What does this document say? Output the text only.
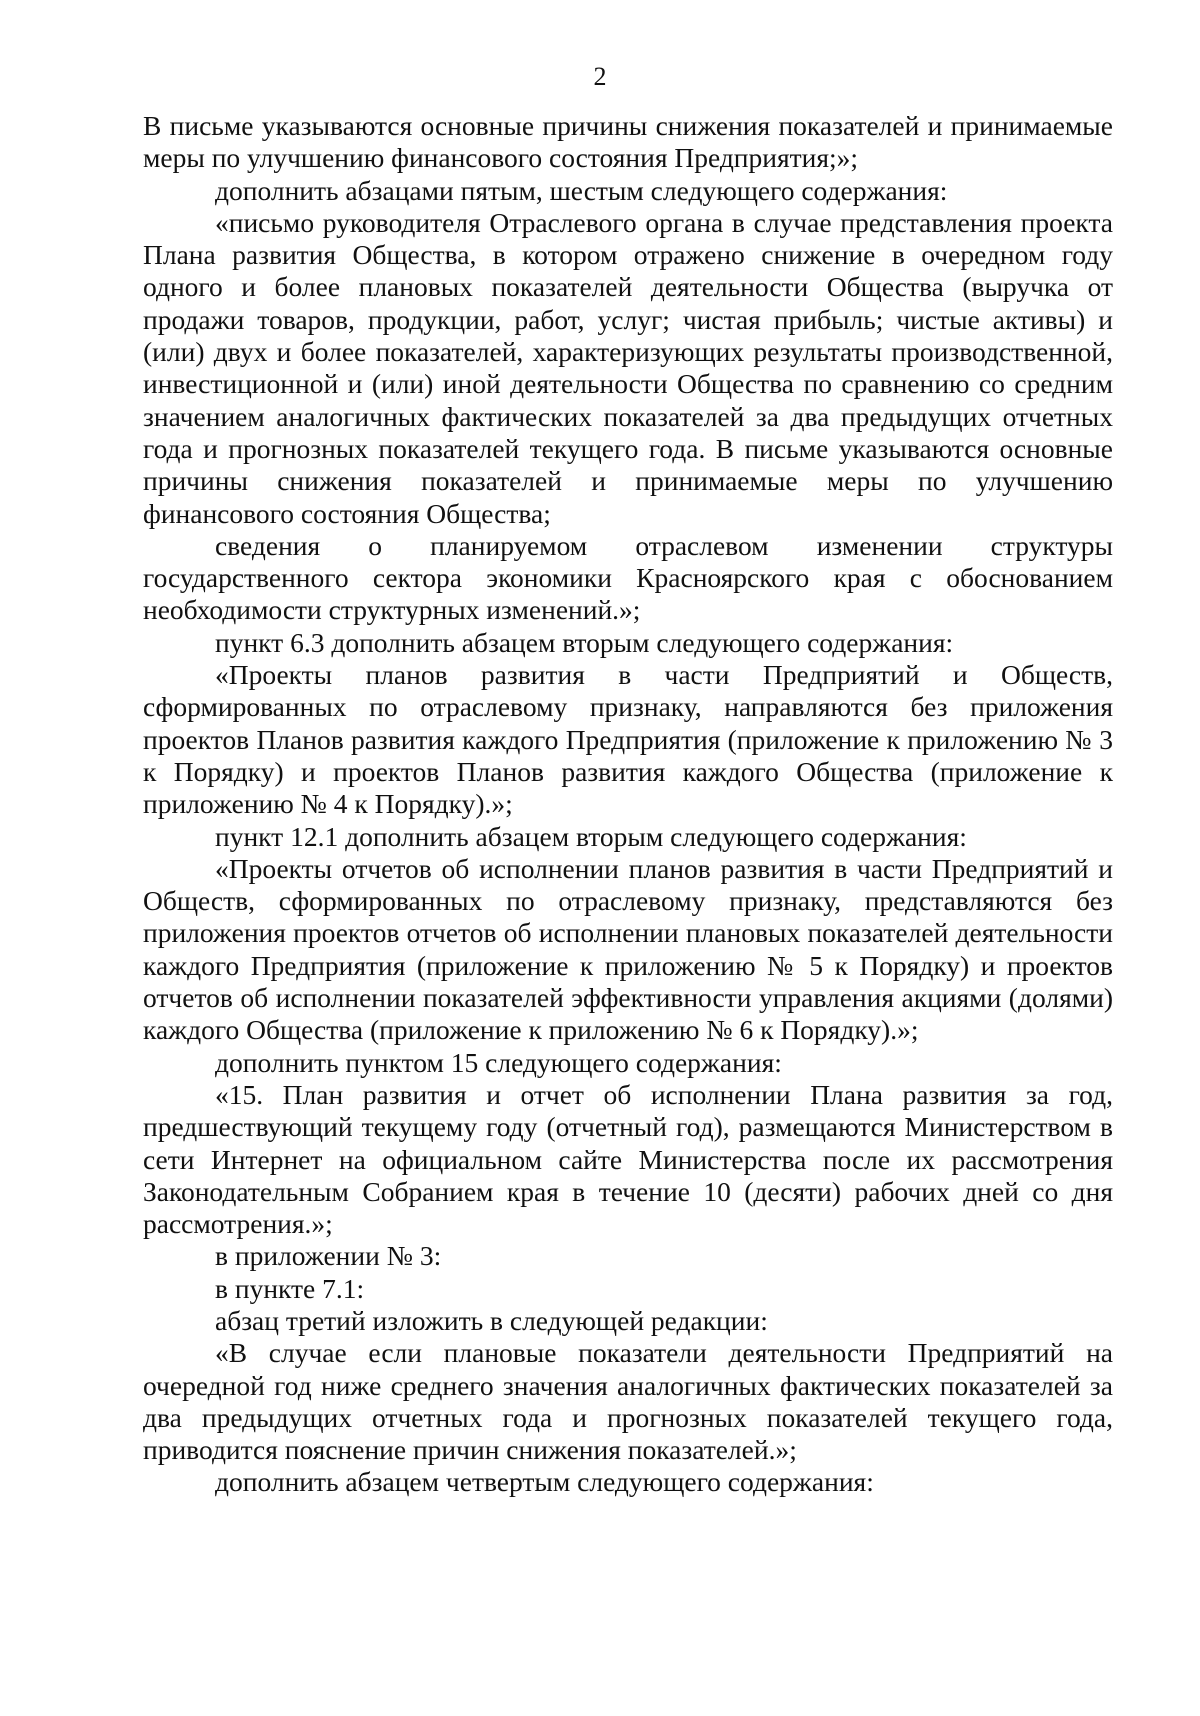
2

В письме указываются основные причины снижения показателей и принимаемые меры по улучшению финансового состояния Предприятия;»;

дополнить абзацами пятым, шестым следующего содержания:

«письмо руководителя Отраслевого органа в случае представления проекта Плана развития Общества, в котором отражено снижение в очередном году одного и более плановых показателей деятельности Общества (выручка от продажи товаров, продукции, работ, услуг; чистая прибыль; чистые активы) и (или) двух и более показателей, характеризующих результаты производственной, инвестиционной и (или) иной деятельности Общества по сравнению со средним значением аналогичных фактических показателей за два предыдущих отчетных года и прогнозных показателей текущего года. В письме указываются основные причины снижения показателей и принимаемые меры по улучшению финансового состояния Общества;

сведения о планируемом отраслевом изменении структуры государственного сектора экономики Красноярского края с обоснованием необходимости структурных изменений.»;

пункт 6.3 дополнить абзацем вторым следующего содержания:

«Проекты планов развития в части Предприятий и Обществ, сформированных по отраслевому признаку, направляются без приложения проектов Планов развития каждого Предприятия (приложение к приложению № 3 к Порядку) и проектов Планов развития каждого Общества (приложение к приложению № 4 к Порядку).»;

пункт 12.1 дополнить абзацем вторым следующего содержания:

«Проекты отчетов об исполнении планов развития в части Предприятий и Обществ, сформированных по отраслевому признаку, представляются без приложения проектов отчетов об исполнении плановых показателей деятельности каждого Предприятия (приложение к приложению № 5 к Порядку) и проектов отчетов об исполнении показателей эффективности управления акциями (долями) каждого Общества (приложение к приложению № 6 к Порядку).»;

дополнить пунктом 15 следующего содержания:

«15. План развития и отчет об исполнении Плана развития за год, предшествующий текущему году (отчетный год), размещаются Министерством в сети Интернет на официальном сайте Министерства после их рассмотрения Законодательным Собранием края в течение 10 (десяти) рабочих дней со дня рассмотрения.»;

в приложении № 3:

в пункте 7.1:

абзац третий изложить в следующей редакции:

«В случае если плановые показатели деятельности Предприятий на очередной год ниже среднего значения аналогичных фактических показателей за два предыдущих отчетных года и прогнозных показателей текущего года, приводится пояснение причин снижения показателей.»;

дополнить абзацем четвертым следующего содержания:
